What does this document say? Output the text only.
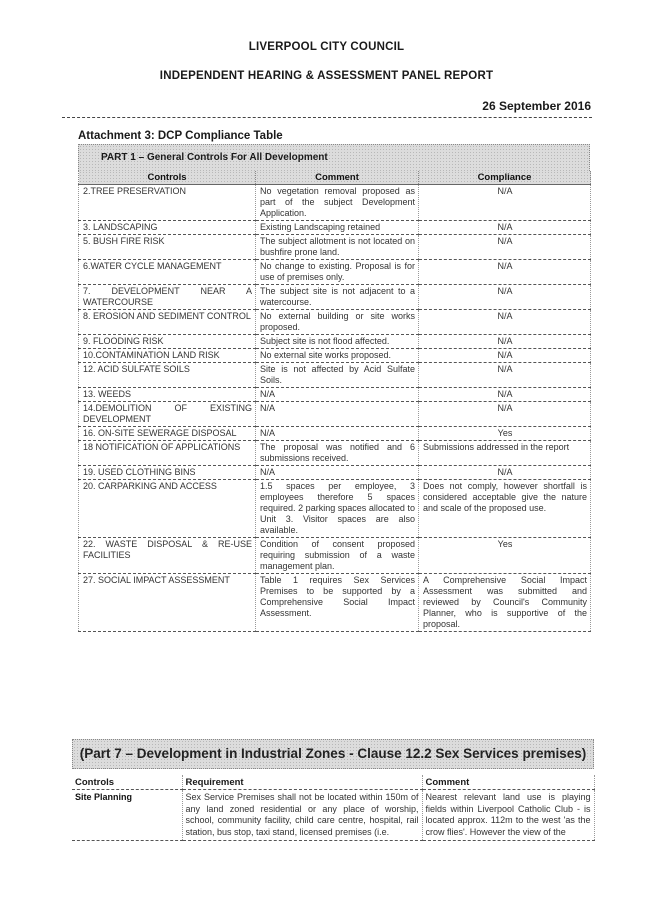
LIVERPOOL CITY COUNCIL
INDEPENDENT HEARING & ASSESSMENT PANEL REPORT
26 September 2016
Attachment 3: DCP Compliance Table
PART 1 – General Controls For All Development
Controls	Comment	Compliance
2.TREE PRESERVATION	No vegetation removal proposed as part of the subject Development Application.	N/A
3. LANDSCAPING	Existing Landscaping retained	N/A
5. BUSH FIRE RISK	The subject allotment is not located on bushfire prone land.	N/A
6.WATER CYCLE MANAGEMENT	No change to existing. Proposal is for use of premises only.	N/A
7. DEVELOPMENT NEAR A WATERCOURSE	The subject site is not adjacent to a watercourse.	N/A
8. EROSION AND SEDIMENT CONTROL	No external building or site works proposed.	N/A
9. FLOODING RISK	Subject site is not flood affected.	N/A
10.CONTAMINATION LAND RISK	No external site works proposed.	N/A
12. ACID SULFATE SOILS	Site is not affected by Acid Sulfate Soils.	N/A
13. WEEDS	N/A	N/A
14.DEMOLITION OF EXISTING DEVELOPMENT	N/A	N/A
16. ON-SITE SEWERAGE DISPOSAL	N/A	Yes
18 NOTIFICATION OF APPLICATIONS	The proposal was notified and 6 submissions received.	Submissions addressed in the report
19. USED CLOTHING BINS	N/A	N/A
20. CARPARKING AND ACCESS	1.5 spaces per employee, 3 employees therefore 5 spaces required. 2 parking spaces allocated to Unit 3. Visitor spaces are also available.	Does not comply, however shortfall is considered acceptable give the nature and scale of the proposed use.
22. WASTE DISPOSAL & RE-USE FACILITIES	Condition of consent proposed requiring submission of a waste management plan.	Yes
27. SOCIAL IMPACT ASSESSMENT	Table 1 requires Sex Services Premises to be supported by a Comprehensive Social Impact Assessment.	A Comprehensive Social Impact Assessment was submitted and reviewed by Council's Community Planner, who is supportive of the proposal.
(Part 7 – Development in Industrial Zones - Clause 12.2 Sex Services premises)
Controls	Requirement	Comment
Site Planning	Sex Service Premises shall not be located within 150m of any land zoned residential or any place of worship, school, community facility, child care centre, hospital, rail station, bus stop, taxi stand, licensed premises (i.e.	Nearest relevant land use is playing fields within Liverpool Catholic Club - is located approx. 112m to the west 'as the crow flies'. However the view of the
